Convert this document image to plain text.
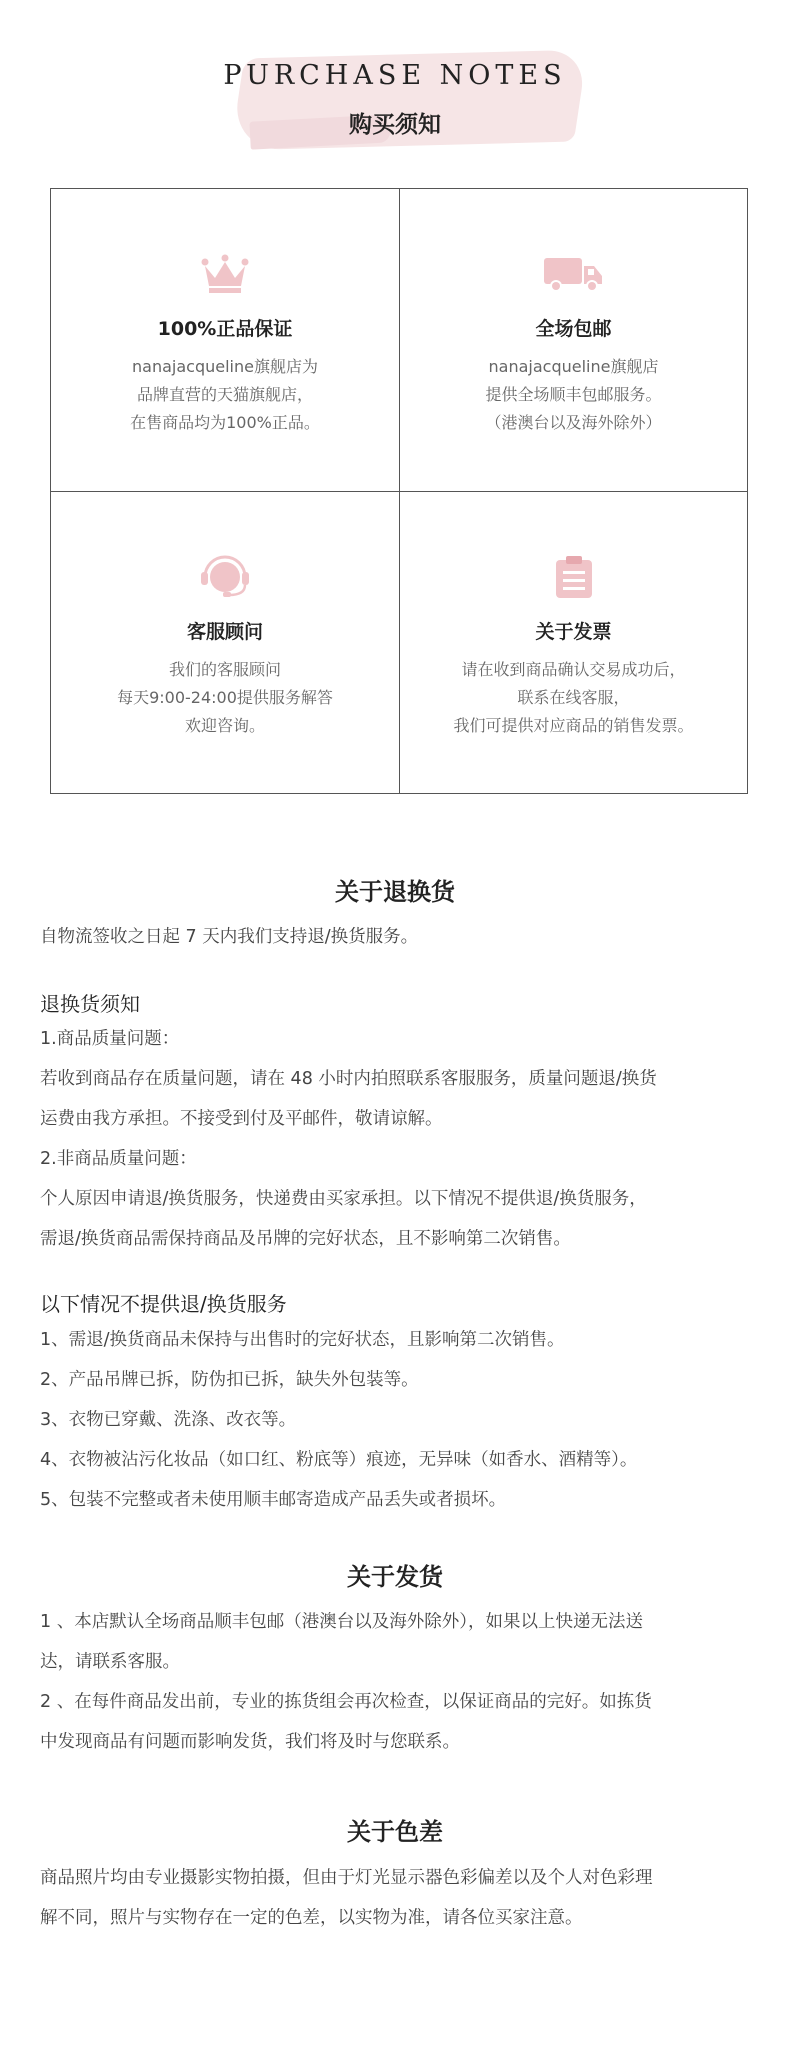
PURCHASE NOTES
购买须知
100%正品保证
nanajacqueline旗舰店为
品牌直营的天猫旗舰店，
在售商品均为100%正品。
全场包邮
nanajacqueline旗舰店
提供全场顺丰包邮服务。
（港澳台以及海外除外）
客服顾问
我们的客服顾问
每天9:00-24:00提供服务解答
欢迎咨询。
关于发票
请在收到商品确认交易成功后，
联系在线客服，
我们可提供对应商品的销售发票。
关于退换货
自物流签收之日起 7 天内我们支持退/换货服务。
退换货须知
1.商品质量问题：
若收到商品存在质量问题，请在 48 小时内拍照联系客服服务，质量问题退/换货
运费由我方承担。不接受到付及平邮件，敬请谅解。
2.非商品质量问题：
个人原因申请退/换货服务，快递费由买家承担。以下情况不提供退/换货服务，
需退/换货商品需保持商品及吊牌的完好状态，且不影响第二次销售。
以下情况不提供退/换货服务
1、需退/换货商品未保持与出售时的完好状态，且影响第二次销售。
2、产品吊牌已拆，防伪扣已拆，缺失外包装等。
3、衣物已穿戴、洗涤、改衣等。
4、衣物被沾污化妆品（如口红、粉底等）痕迹，无异味（如香水、酒精等）。
5、包装不完整或者未使用顺丰邮寄造成产品丢失或者损坏。
关于发货
1 、本店默认全场商品顺丰包邮（港澳台以及海外除外），如果以上快递无法送
达，请联系客服。
2 、在每件商品发出前，专业的拣货组会再次检查，以保证商品的完好。如拣货
中发现商品有问题而影响发货，我们将及时与您联系。
关于色差
商品照片均由专业摄影实物拍摄，但由于灯光显示器色彩偏差以及个人对色彩理
解不同，照片与实物存在一定的色差，以实物为准，请各位买家注意。
